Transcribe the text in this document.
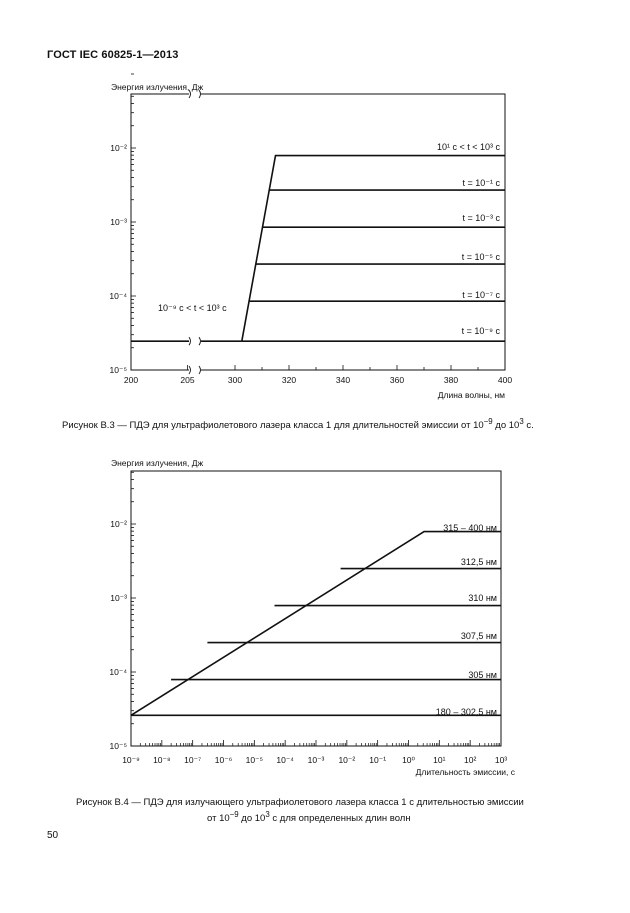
ГОСТ IEC 60825-1—2013
10⁻⁵
10⁻⁴
10⁻³
10⁻²
200	205	300	320	340	360	380	400
Энергия излучения, Дж
Длина волны, нм
10¹ с < t < 10³ с
t = 10⁻¹ с
t = 10⁻³ с
t = 10⁻⁵ с
t = 10⁻⁷ с
t = 10⁻⁹ с
10⁻⁹ с < t < 10³ с
10⁻⁵
10⁻⁴
10⁻³
10⁻²
10⁻⁹ 10⁻⁸ 10⁻⁷ 10⁻⁶ 10⁻⁵ 10⁻⁴ 10⁻³ 10⁻² 10⁻¹ 10⁰ 10¹ 10² 10³
Энергия излучения, Дж
Длительность эмиссии, с
315 – 400 нм
312,5 нм
310 нм
307,5 нм
305 нм
180 – 302,5 нм
Рисунок В.3 — ПДЭ для ультрафиолетового лазера класса 1 для длительностей эмиссии от $10^{-9}$ до $10^3$ с.
Рисунок В.4 — ПДЭ для излучающего ультрафиолетового лазера класса 1 с длительностью эмиссии
от $10^{-9}$ до $10^3$ с для определенных длин волн
50
